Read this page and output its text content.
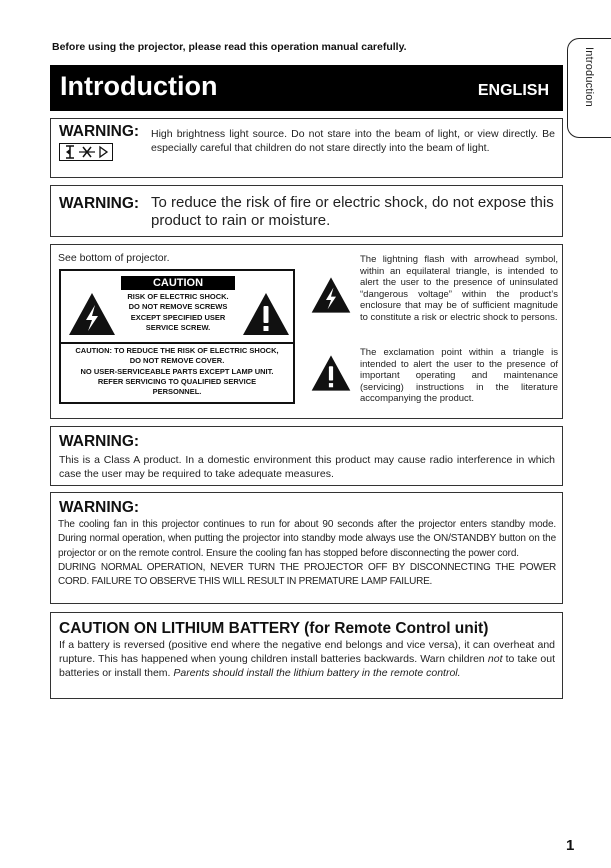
Before using the projector, please read this operation manual carefully.	Introduction
Introduction	ENGLISH
WARNING: High brightness light source. Do not stare into the beam of light, or view directly. Be especially careful that children do not stare directly into the beam of light.
WARNING: To reduce the risk of fire or electric shock, do not expose this product to rain or moisture.
See bottom of projector.
CAUTION
RISK OF ELECTRIC SHOCK.
DO NOT REMOVE SCREWS
EXCEPT SPECIFIED USER
SERVICE SCREW.
CAUTION: TO REDUCE THE RISK OF ELECTRIC SHOCK,
DO NOT REMOVE COVER.
NO USER-SERVICEABLE PARTS EXCEPT LAMP UNIT.
REFER SERVICING TO QUALIFIED SERVICE
PERSONNEL.
The lightning flash with arrowhead symbol, within an equilateral triangle, is intended to alert the user to the presence of uninsulated “dangerous voltage” within the product’s enclosure that may be of sufficient magnitude to constitute a risk or electric shock to persons.
The exclamation point within a triangle is intended to alert the user to the presence of important operating and maintenance (servicing) instructions in the literature accompanying the product.
WARNING:
This is a Class A product. In a domestic environment this product may cause radio interference in which case the user may be required to take adequate measures.
WARNING:
The cooling fan in this projector continues to run for about 90 seconds after the projector enters standby mode. During normal operation, when putting the projector into standby mode always use the ON/STANDBY button on the projector or on the remote control. Ensure the cooling fan has stopped before disconnecting the power cord.
DURING NORMAL OPERATION, NEVER TURN THE PROJECTOR OFF BY DISCONNECTING THE POWER CORD. FAILURE TO OBSERVE THIS WILL RESULT IN PREMATURE LAMP FAILURE.
CAUTION ON LITHIUM BATTERY (for Remote Control unit)
If a battery is reversed (positive end where the negative end belongs and vice versa), it can overheat and rupture. This has happened when young children install batteries backwards. Warn children not to take out batteries or install them. Parents should install the lithium battery in the remote control.
1
